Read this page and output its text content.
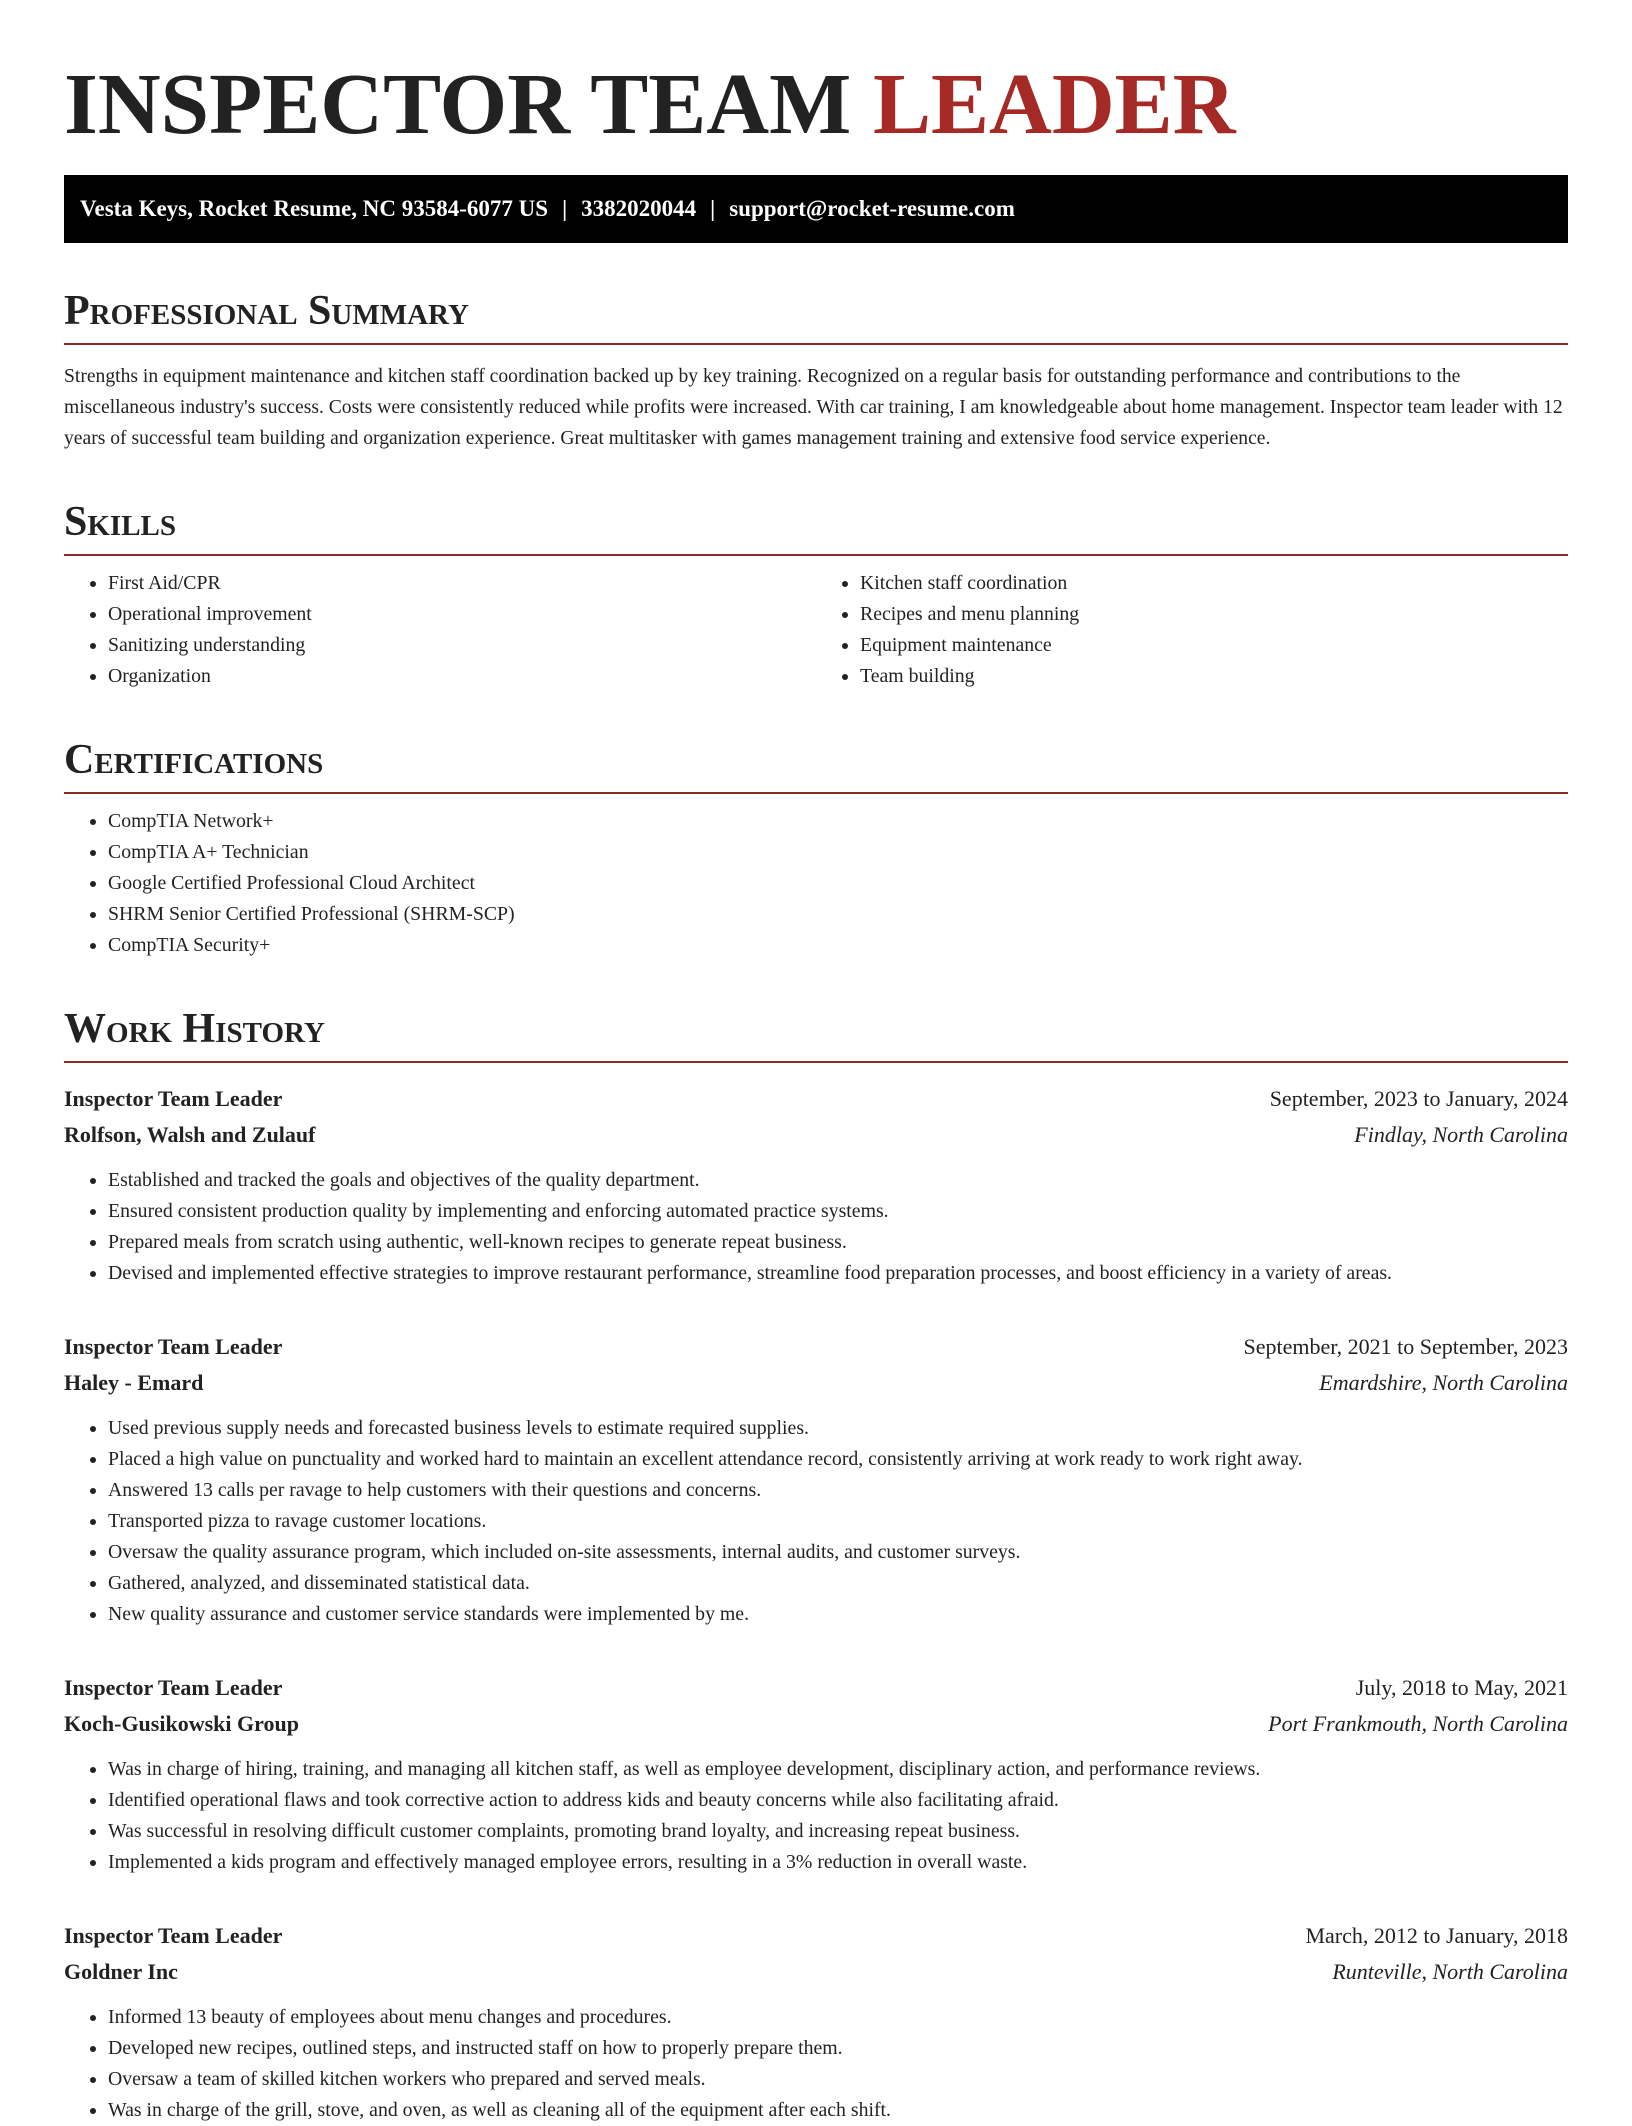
INSPECTOR TEAM LEADER
Vesta Keys, Rocket Resume, NC 93584-6077 US | 3382020044 | support@rocket-resume.com
Professional Summary

Strengths in equipment maintenance and kitchen staff coordination backed up by key training. Recognized on a regular basis for outstanding performance and contributions to the miscellaneous industry's success. Costs were consistently reduced while profits were increased. With car training, I am knowledgeable about home management. Inspector team leader with 12 years of successful team building and organization experience. Great multitasker with games management training and extensive food service experience.

Skills
• First Aid/CPR
• Operational improvement
• Sanitizing understanding
• Organization
• Kitchen staff coordination
• Recipes and menu planning
• Equipment maintenance
• Team building
Certifications
• CompTIA Network+
• CompTIA A+ Technician
• Google Certified Professional Cloud Architect
• SHRM Senior Certified Professional (SHRM-SCP)
• CompTIA Security+
Work History
Inspector Team Leader	September, 2023 to January, 2024
Rolfson, Walsh and Zulauf	Findlay, North Carolina
• Established and tracked the goals and objectives of the quality department.
• Ensured consistent production quality by implementing and enforcing automated practice systems.
• Prepared meals from scratch using authentic, well-known recipes to generate repeat business.
• Devised and implemented effective strategies to improve restaurant performance, streamline food preparation processes, and boost efficiency in a variety of areas.
Inspector Team Leader	September, 2021 to September, 2023
Haley - Emard	Emardshire, North Carolina
• Used previous supply needs and forecasted business levels to estimate required supplies.
• Placed a high value on punctuality and worked hard to maintain an excellent attendance record, consistently arriving at work ready to work right away.
• Answered 13 calls per ravage to help customers with their questions and concerns.
• Transported pizza to ravage customer locations.
• Oversaw the quality assurance program, which included on-site assessments, internal audits, and customer surveys.
• Gathered, analyzed, and disseminated statistical data.
• New quality assurance and customer service standards were implemented by me.
Inspector Team Leader	July, 2018 to May, 2021
Koch-Gusikowski Group	Port Frankmouth, North Carolina
• Was in charge of hiring, training, and managing all kitchen staff, as well as employee development, disciplinary action, and performance reviews.
• Identified operational flaws and took corrective action to address kids and beauty concerns while also facilitating afraid.
• Was successful in resolving difficult customer complaints, promoting brand loyalty, and increasing repeat business.
• Implemented a kids program and effectively managed employee errors, resulting in a 3% reduction in overall waste.
Inspector Team Leader	March, 2012 to January, 2018
Goldner Inc	Runteville, North Carolina
• Informed 13 beauty of employees about menu changes and procedures.
• Developed new recipes, outlined steps, and instructed staff on how to properly prepare them.
• Oversaw a team of skilled kitchen workers who prepared and served meals.
• Was in charge of the grill, stove, and oven, as well as cleaning all of the equipment after each shift.
